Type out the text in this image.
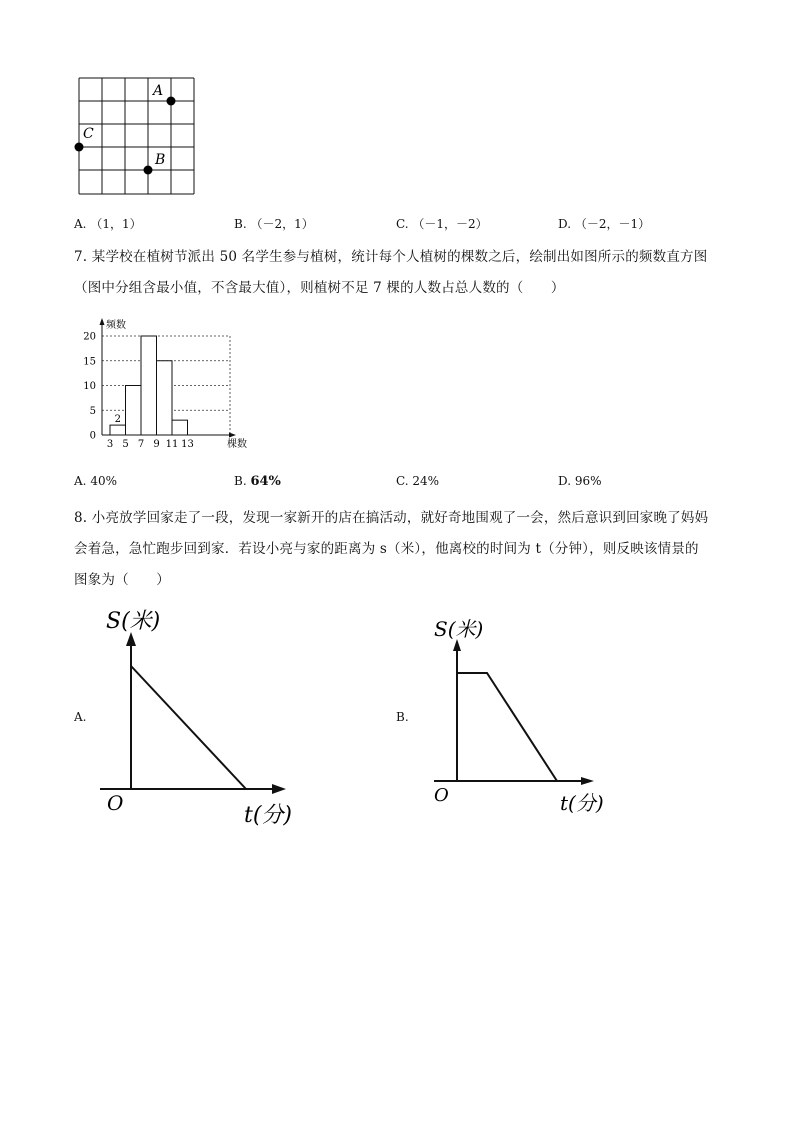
A
B
C
A. （1，1）	B. （－2，1）	C. （－1，－2）	D. （－2，－1）
7. 某学校在植树节派出 50 名学生参与植树，统计每个人植树的棵数之后，绘制出如图所示的频数直方图
（图中分组含最小值，不含最大值），则植树不足 7 棵的人数占总人数的（　　）
频数
棵数
0
5
10
15
20
3 5 7 9 11 13
2
A. 40%	B. 64%	C. 24%	D. 96%
8. 小亮放学回家走了一段，发现一家新开的店在搞活动，就好奇地围观了一会，然后意识到回家晚了妈妈
会着急，急忙跑步回到家．若设小亮与家的距离为 s（米），他离校的时间为 t（分钟），则反映该情景的
图象为（　　）
A.
S(米)
O	t(分)
B.
S(米)
O	t(分)
